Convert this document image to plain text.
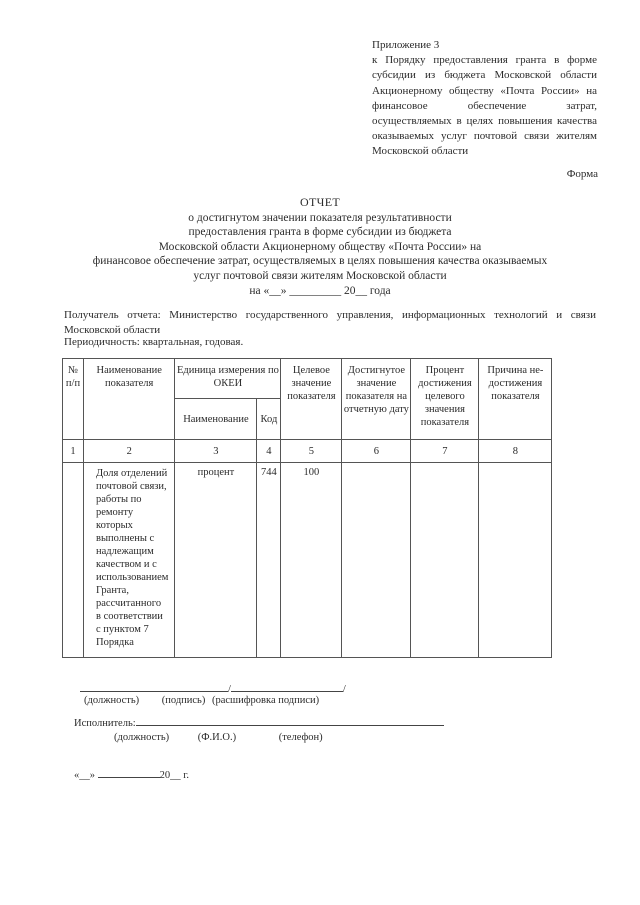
Приложение 3
к Порядку предоставления гранта в форме субсидии из бюджета Московской области Акционерному обществу «Почта России» на финансовое обеспечение затрат, осуществляемых в целях повышения качества оказываемых услуг почтовой связи жителям Московской области
Форма
ОТЧЕТ
о достигнутом значении показателя результативности
предоставления гранта в форме субсидии из бюджета
Московской области Акционерному обществу «Почта России» на
финансовое обеспечение затрат, осуществляемых в целях повышения качества оказываемых
услуг почтовой связи жителям Московской области
на «__» _________ 20__ года
Получатель отчета: Министерство государственного управления, информационных технологий и связи Московской области
Периодичность: квартальная, годовая.
№ п/п	Наименование показателя	Единица измерения по ОКЕИ		Целевое значение показателя	Достигнутое значение показателя на отчетную дату	Процент достижения целевого значения показателя	Причина не-достижения показателя
		Наименование	Код				
1	2	3	4	5	6	7	8
	Доля отделений почтовой связи, работы по ремонту которых выполнены с надлежащим качеством и с использованием Гранта, рассчитанного в соответствии с пунктом 7 Порядка	процент	744	100			
/	/
(должность) (подпись) (расшифровка подписи)
Исполнитель:
(должность)	(Ф.И.О.)	(телефон)
«__»	20__ г.
